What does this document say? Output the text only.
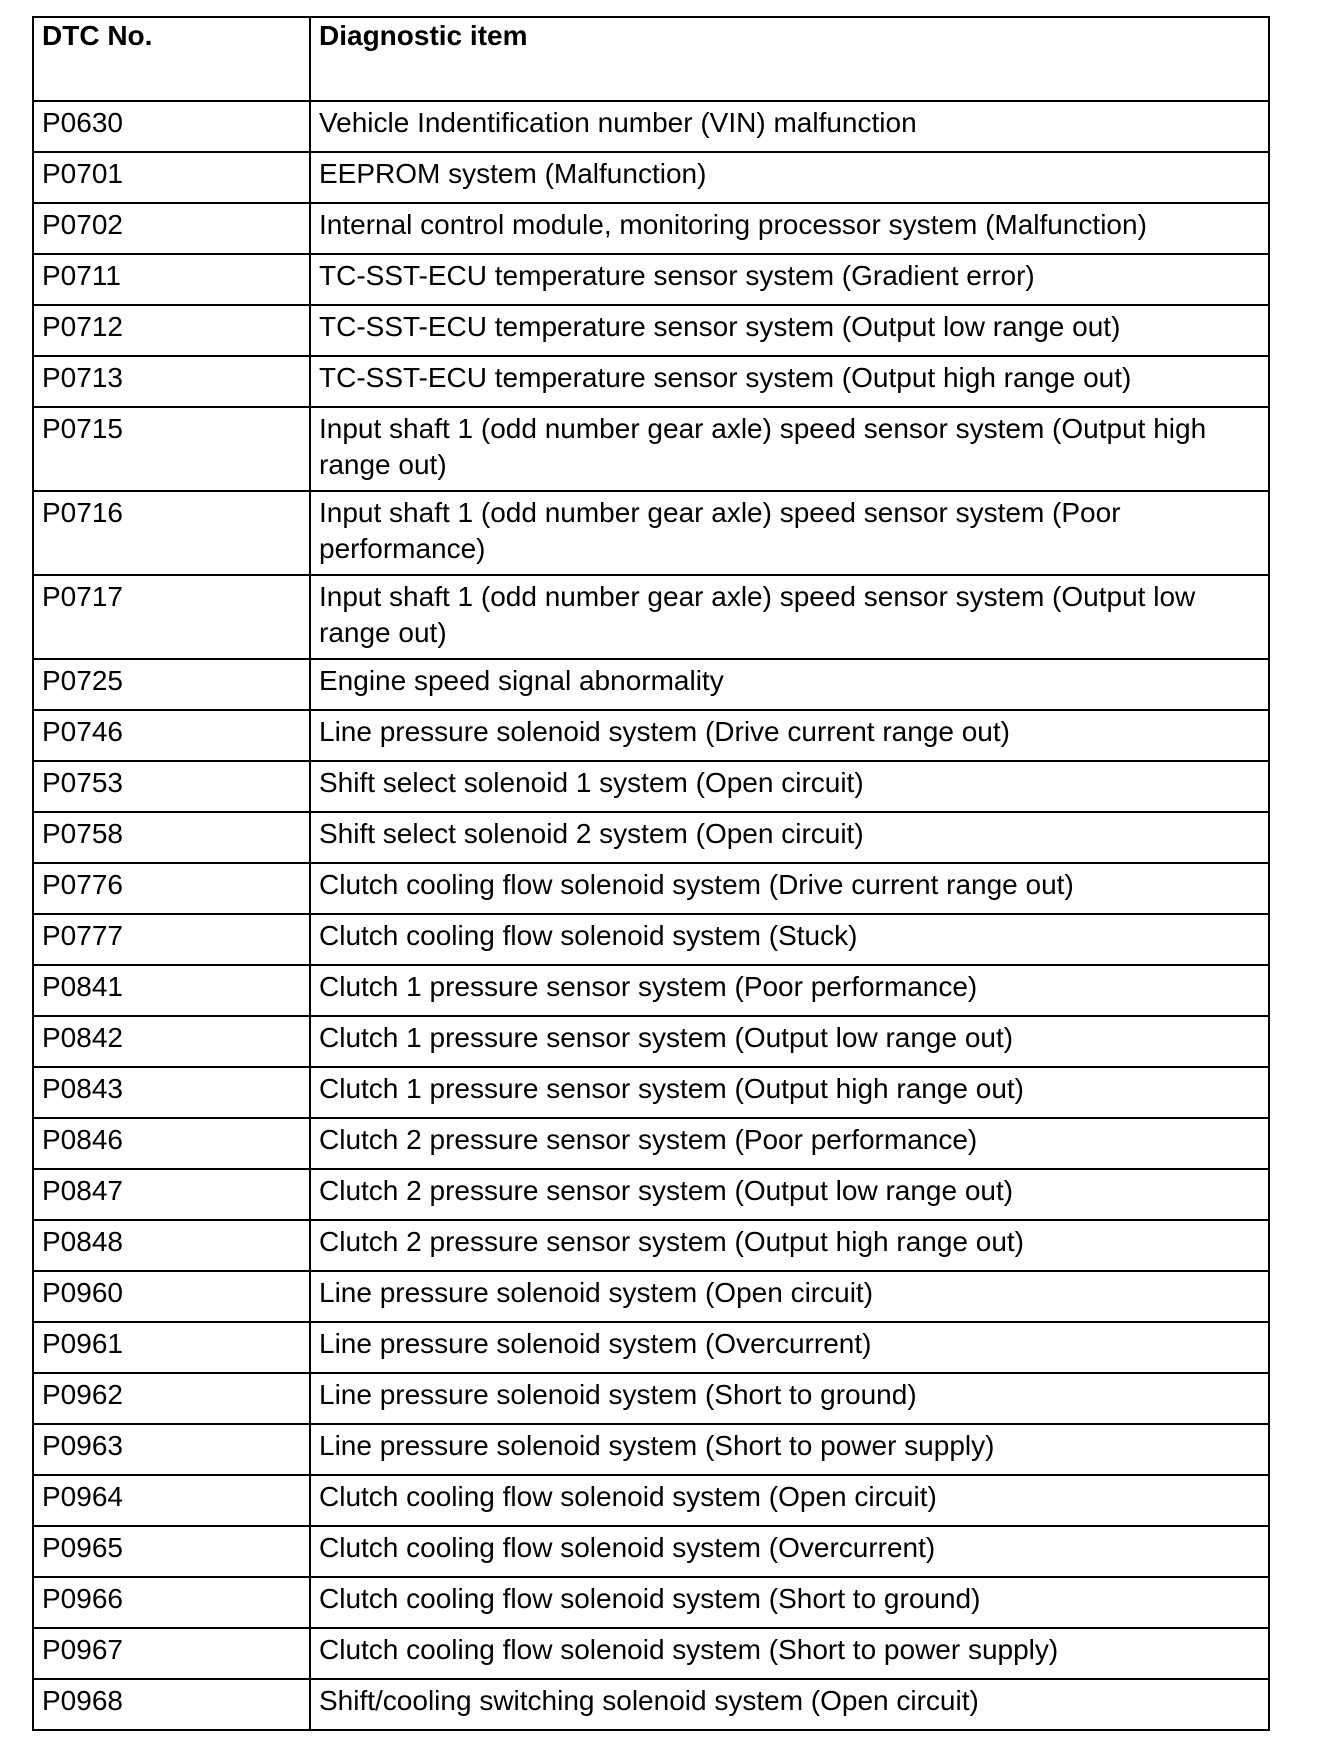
DTC No.	Diagnostic item
P0630	Vehicle Indentification number (VIN) malfunction
P0701	EEPROM system (Malfunction)
P0702	Internal control module, monitoring processor system (Malfunction)
P0711	TC-SST-ECU temperature sensor system (Gradient error)
P0712	TC-SST-ECU temperature sensor system (Output low range out)
P0713	TC-SST-ECU temperature sensor system (Output high range out)
P0715	Input shaft 1 (odd number gear axle) speed sensor system (Output high range out)
P0716	Input shaft 1 (odd number gear axle) speed sensor system (Poor performance)
P0717	Input shaft 1 (odd number gear axle) speed sensor system (Output low range out)
P0725	Engine speed signal abnormality
P0746	Line pressure solenoid system (Drive current range out)
P0753	Shift select solenoid 1 system (Open circuit)
P0758	Shift select solenoid 2 system (Open circuit)
P0776	Clutch cooling flow solenoid system (Drive current range out)
P0777	Clutch cooling flow solenoid system (Stuck)
P0841	Clutch 1 pressure sensor system (Poor performance)
P0842	Clutch 1 pressure sensor system (Output low range out)
P0843	Clutch 1 pressure sensor system (Output high range out)
P0846	Clutch 2 pressure sensor system (Poor performance)
P0847	Clutch 2 pressure sensor system (Output low range out)
P0848	Clutch 2 pressure sensor system (Output high range out)
P0960	Line pressure solenoid system (Open circuit)
P0961	Line pressure solenoid system (Overcurrent)
P0962	Line pressure solenoid system (Short to ground)
P0963	Line pressure solenoid system (Short to power supply)
P0964	Clutch cooling flow solenoid system (Open circuit)
P0965	Clutch cooling flow solenoid system (Overcurrent)
P0966	Clutch cooling flow solenoid system (Short to ground)
P0967	Clutch cooling flow solenoid system (Short to power supply)
P0968	Shift/cooling switching solenoid system (Open circuit)
